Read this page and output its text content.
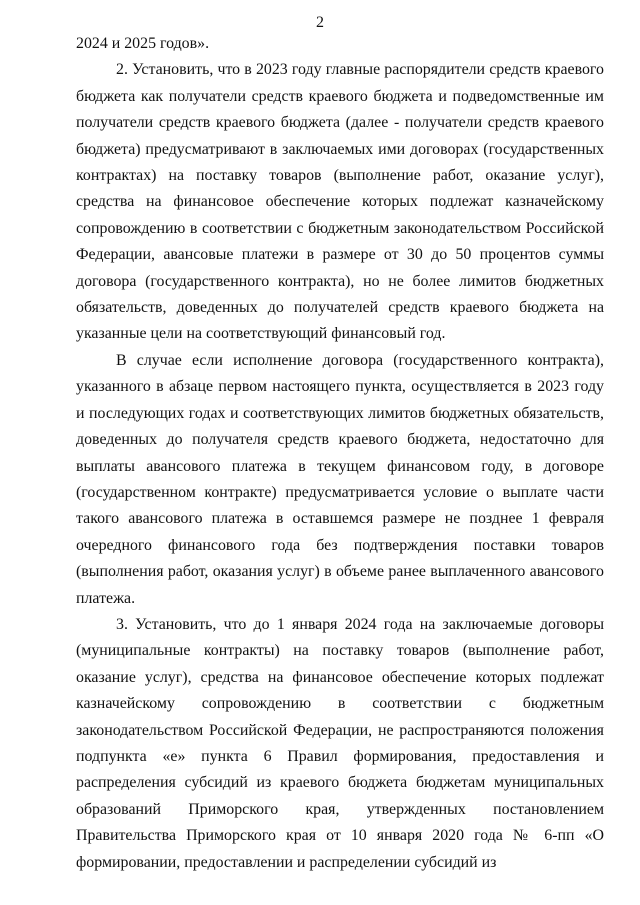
2

2024 и 2025 годов».

2. Установить, что в 2023 году главные распорядители средств краевого бюджета как получатели средств краевого бюджета и подведомственные им получатели средств краевого бюджета (далее - получатели средств краевого бюджета) предусматривают в заключаемых ими договорах (государственных контрактах) на поставку товаров (выполнение работ, оказание услуг), средства на финансовое обеспечение которых подлежат казначейскому сопровождению в соответствии с бюджетным законодательством Российской Федерации, авансовые платежи в размере от 30 до 50 процентов суммы договора (государственного контракта), но не более лимитов бюджетных обязательств, доведенных до получателей средств краевого бюджета на указанные цели на соответствующий финансовый год.

В случае если исполнение договора (государственного контракта), указанного в абзаце первом настоящего пункта, осуществляется в 2023 году и последующих годах и соответствующих лимитов бюджетных обязательств, доведенных до получателя средств краевого бюджета, недостаточно для выплаты авансового платежа в текущем финансовом году, в договоре (государственном контракте) предусматривается условие о выплате части такого авансового платежа в оставшемся размере не позднее 1 февраля очередного финансового года без подтверждения поставки товаров (выполнения работ, оказания услуг) в объеме ранее выплаченного авансового платежа.

3. Установить, что до 1 января 2024 года на заключаемые договоры (муниципальные контракты) на поставку товаров (выполнение работ, оказание услуг), средства на финансовое обеспечение которых подлежат казначейскому сопровождению в соответствии с бюджетным законодательством Российской Федерации, не распространяются положения подпункта «е» пункта 6 Правил формирования, предоставления и распределения субсидий из краевого бюджета бюджетам муниципальных образований Приморского края, утвержденных постановлением Правительства Приморского края от 10 января 2020 года № 6-пп «О формировании, предоставлении и распределении субсидий из
